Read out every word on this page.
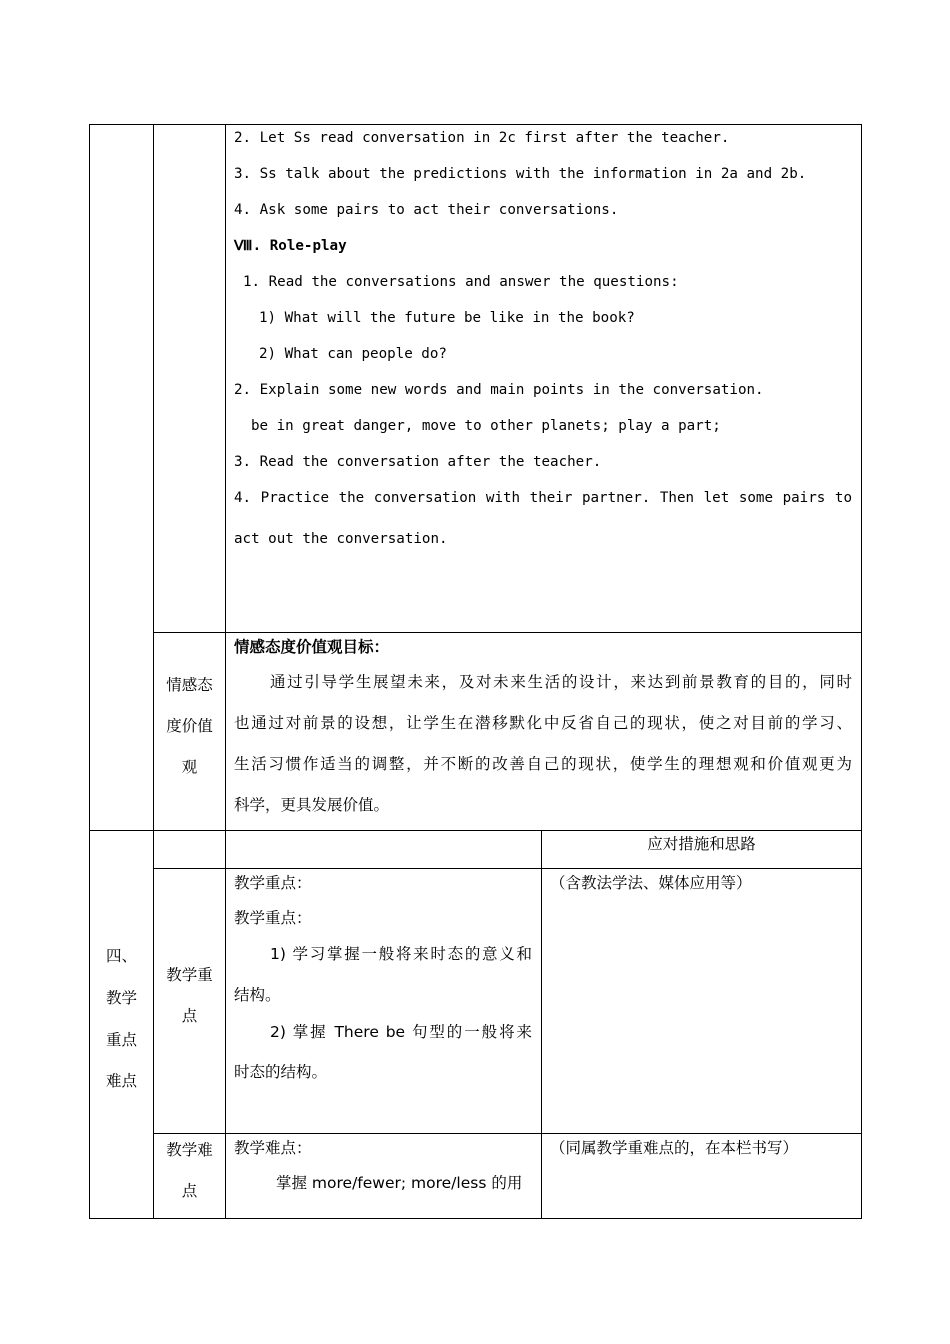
2. Let Ss read conversation in 2c first after the teacher.
3. Ss talk about the predictions with the information in 2a and 2b.
4. Ask some pairs to act their conversations.
Ⅷ. Role-play
1. Read the conversations and answer the questions:
1) What will the future be like in the book?
2) What can people do?
2. Explain some new words and main points in the conversation.
be in great danger, move to other planets; play a part;
3. Read the conversation after the teacher.
4. Practice the conversation with their partner. Then let some pairs to
act out the conversation.
情感态
度价值
观
情感态度价值观目标：
通过引导学生展望未来，及对未来生活的设计，来达到前景教育的目的，同时
也通过对前景的设想，让学生在潜移默化中反省自己的现状，使之对目前的学习、
生活习惯作适当的调整，并不断的改善自己的现状，使学生的理想观和价值观更为
科学，更具发展价值。
四、
教学
重点
难点
应对措施和思路
教学重
点
教学重点：
教学重点：
1) 学习掌握一般将来时态的意义和
结构。
2) 掌握 There be 句型的一般将来
时态的结构。
（含教法学法、媒体应用等）
教学难
点
教学难点：
掌握 more/fewer; more/less 的用
（同属教学重难点的，在本栏书写）
